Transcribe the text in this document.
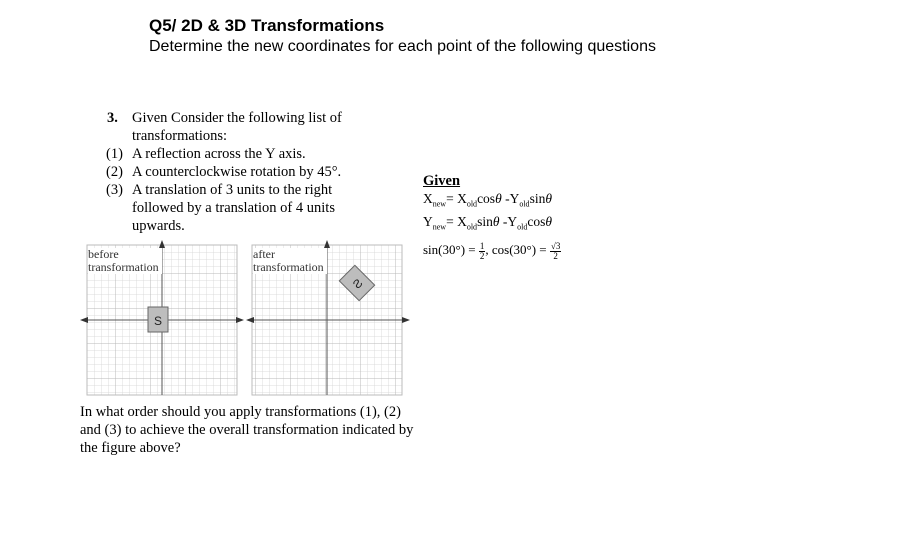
Q5/ 2D & 3D Transformations
Determine the new coordinates for each point of the following questions
3. Given Consider the following list of transformations:
(1) A reflection across the Y axis.
(2) A counterclockwise rotation by 45°.
(3) A translation of 3 units to the right followed by a translation of 4 units upwards.
S
S
before transformation
after transformation
In what order should you apply transformations (1), (2) and (3) to achieve the overall transformation indicated by the figure above?
Given
$X_{new}= X_{old}\cos\theta$ $-Y_{old}\sin\theta$
$Y_{new}= X_{old}\sin\theta$ $-Y_{old}\cos\theta$
$\sin(30^\circ) = \frac{1}{2}$ , $\cos(30^\circ) = \frac{√3}{2}$
